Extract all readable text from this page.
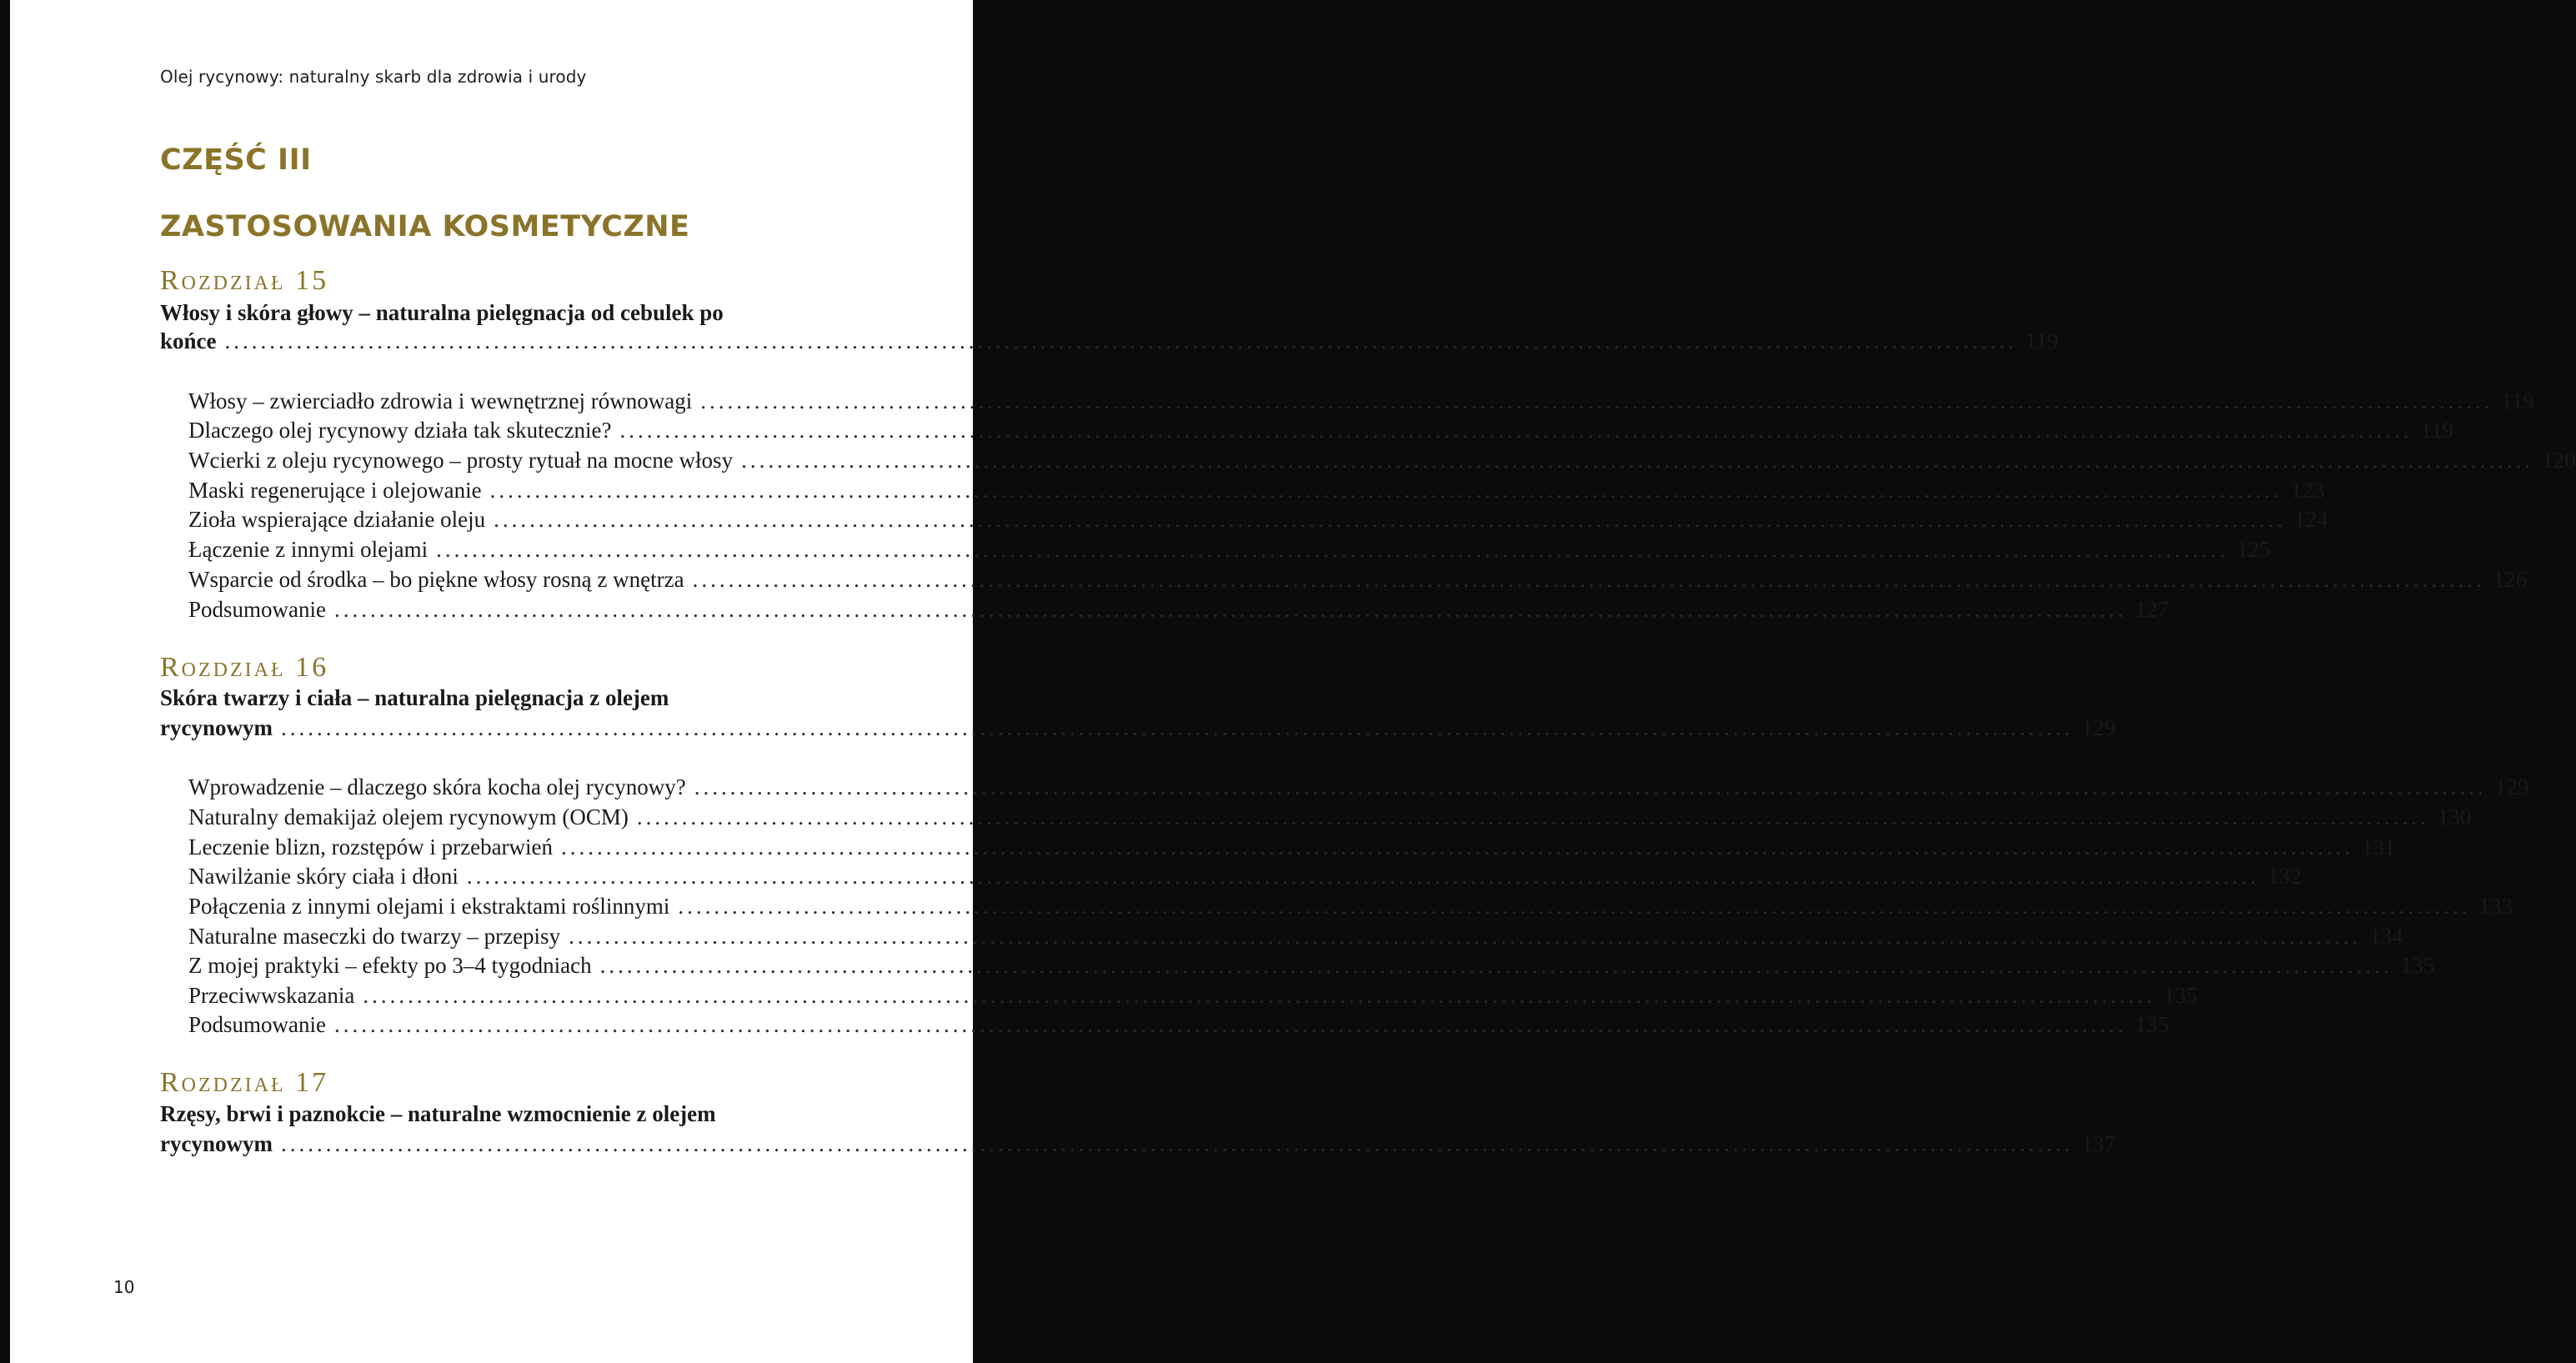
Olej rycynowy: naturalny skarb dla zdrowia i urody
CZĘŚĆ III
ZASTOSOWANIA KOSMETYCZNE
Rozdział 15
Włosy i skóra głowy – naturalna pielęgnacja od cebulek po
końce ........................................................................................................................................................................................................ 119
Włosy – zwierciadło zdrowia i wewnętrznej równowagi ........................................................................................................................................................................................................ 119
Dlaczego olej rycynowy działa tak skutecznie? ........................................................................................................................................................................................................ 119
Wcierki z oleju rycynowego – prosty rytuał na mocne włosy ........................................................................................................................................................................................................ 120
Maski regenerujące i olejowanie ........................................................................................................................................................................................................ 123
Zioła wspierające działanie oleju ........................................................................................................................................................................................................ 124
Łączenie z innymi olejami ........................................................................................................................................................................................................ 125
Wsparcie od środka – bo piękne włosy rosną z wnętrza ........................................................................................................................................................................................................ 126
Podsumowanie ........................................................................................................................................................................................................ 127
Rozdział 16
Skóra twarzy i ciała – naturalna pielęgnacja z olejem
rycynowym ........................................................................................................................................................................................................ 129
Wprowadzenie – dlaczego skóra kocha olej rycynowy? ........................................................................................................................................................................................................ 129
Naturalny demakijaż olejem rycynowym (OCM) ........................................................................................................................................................................................................ 130
Leczenie blizn, rozstępów i przebarwień ........................................................................................................................................................................................................ 131
Nawilżanie skóry ciała i dłoni ........................................................................................................................................................................................................ 132
Połączenia z innymi olejami i ekstraktami roślinnymi ........................................................................................................................................................................................................ 133
Naturalne maseczki do twarzy – przepisy ........................................................................................................................................................................................................ 134
Z mojej praktyki – efekty po 3–4 tygodniach ........................................................................................................................................................................................................ 135
Przeciwwskazania ........................................................................................................................................................................................................ 135
Podsumowanie ........................................................................................................................................................................................................ 135
Rozdział 17
Rzęsy, brwi i paznokcie – naturalne wzmocnienie z olejem
rycynowym ........................................................................................................................................................................................................ 137
10
